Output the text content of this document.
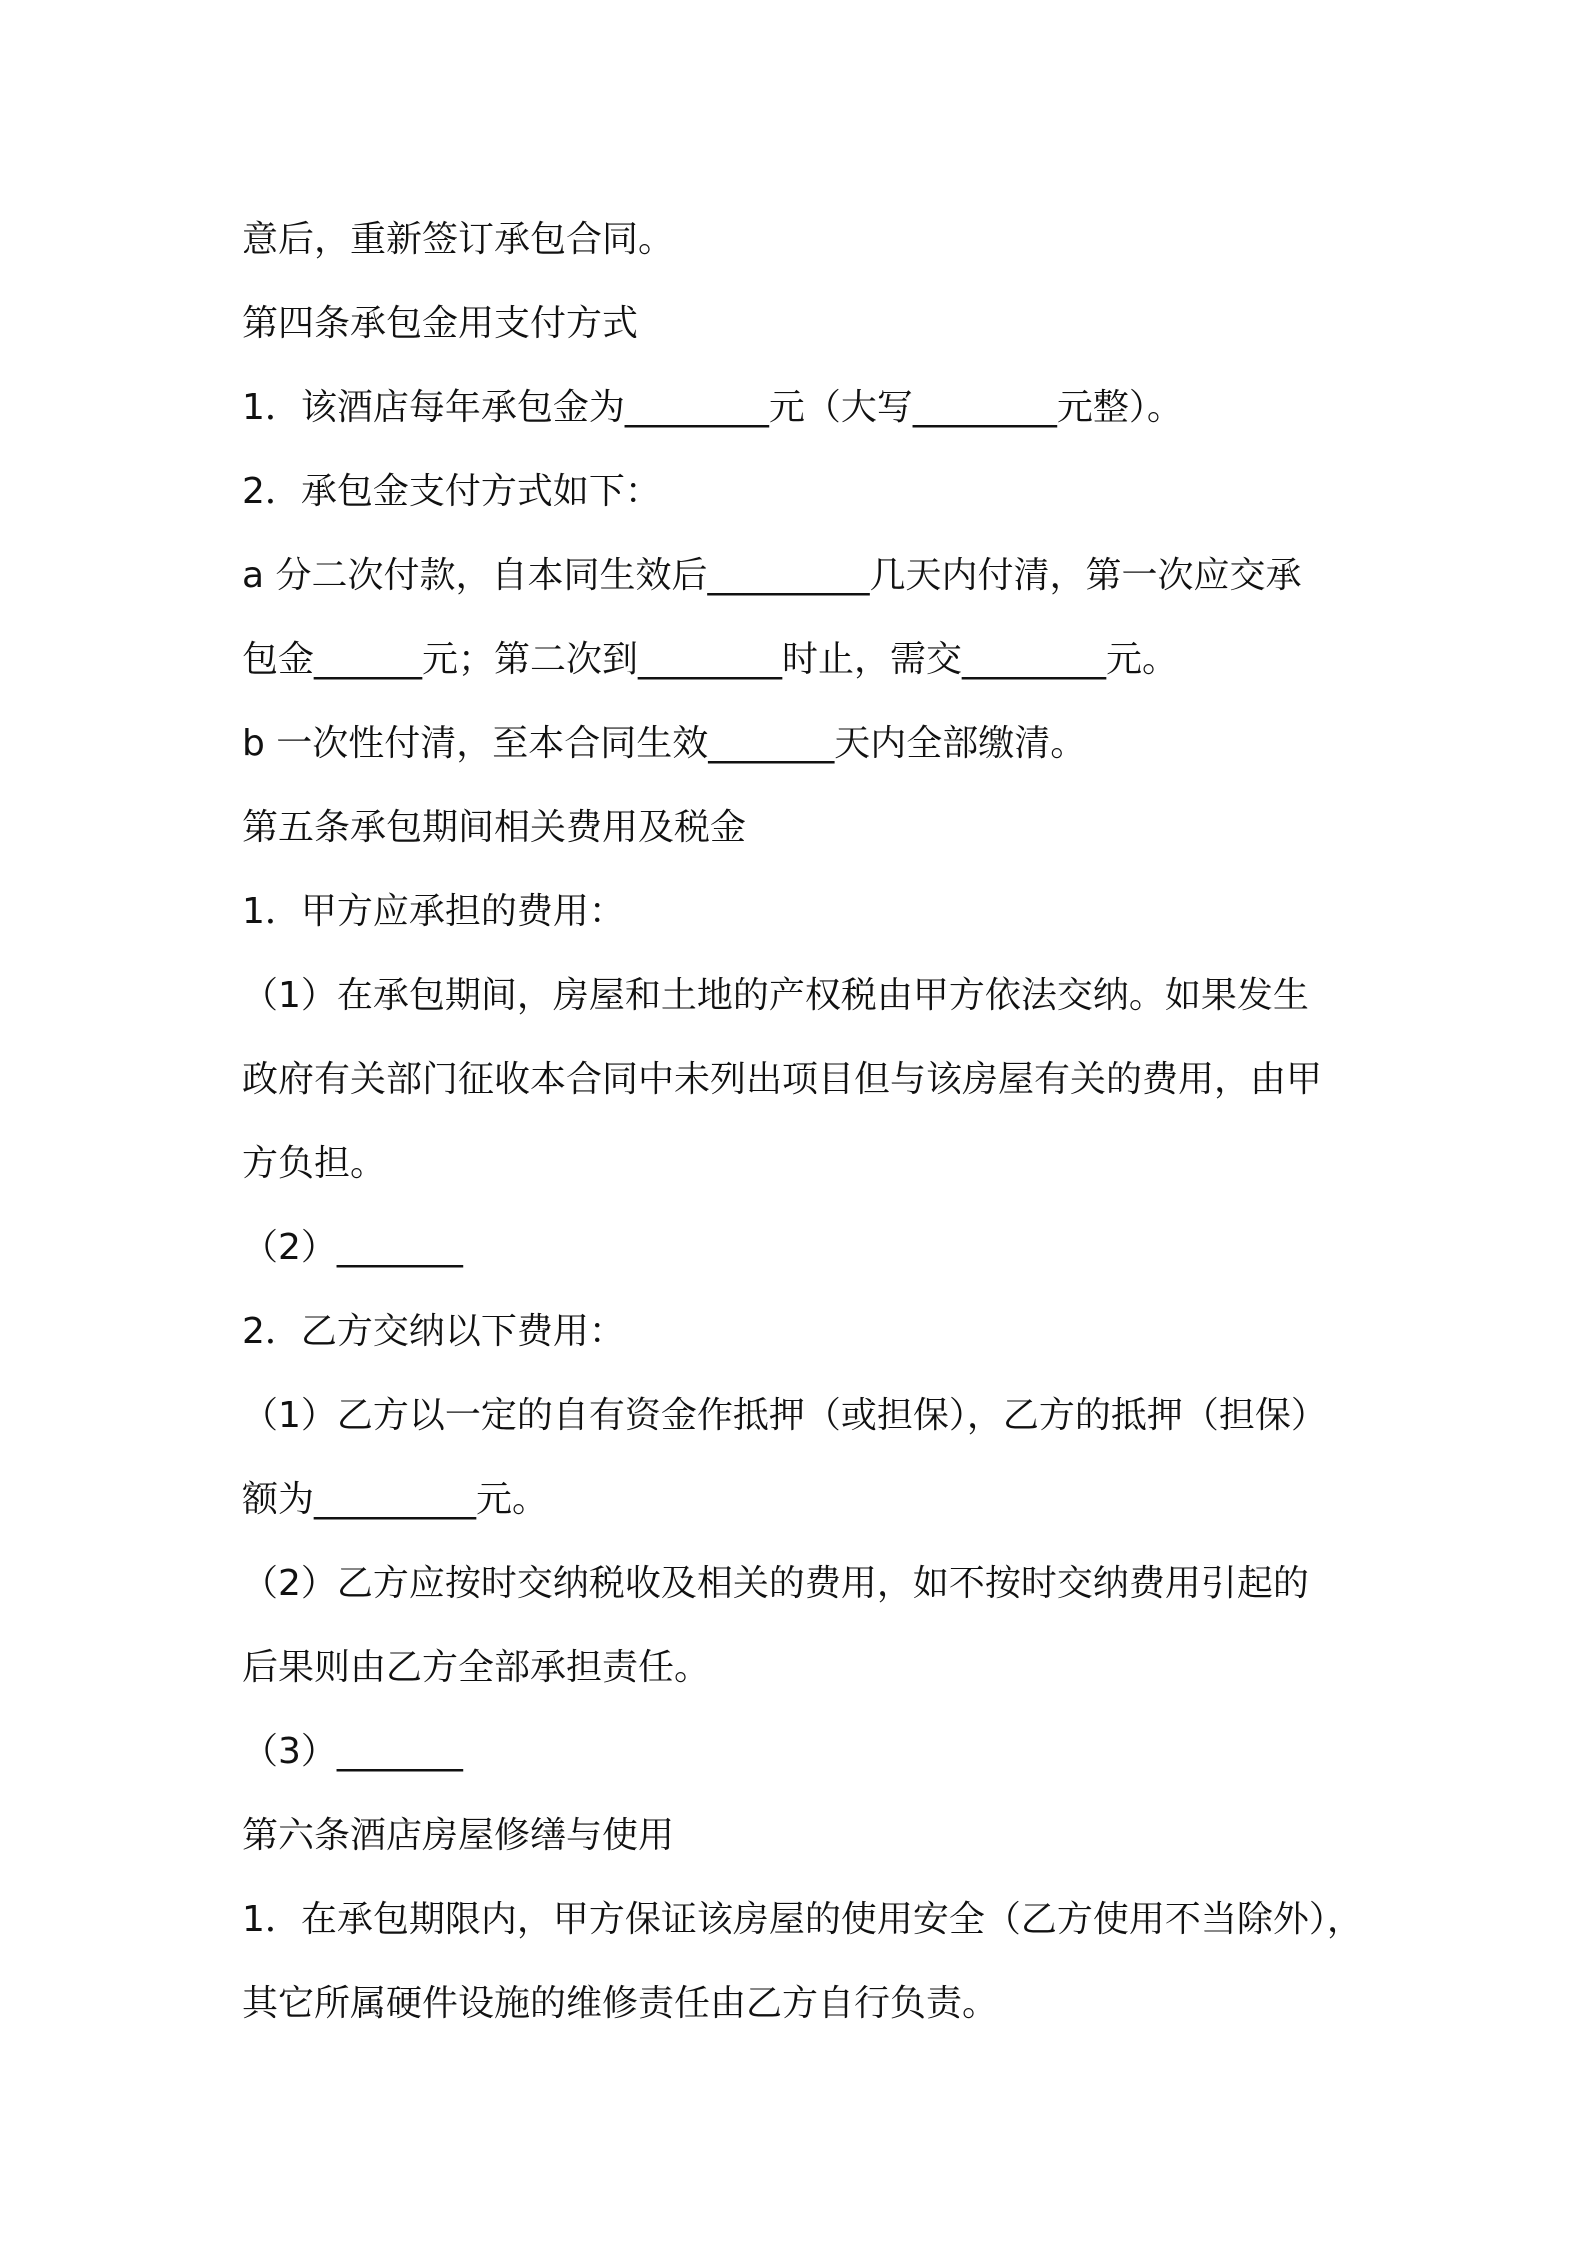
意后，重新签订承包合同。

第四条承包金用支付方式

1．该酒店每年承包金为________元（大写________元整）。

2．承包金支付方式如下：

a 分二次付款，自本同生效后_________几天内付清，第一次应交承

包金______元；第二次到________时止，需交________元。

b 一次性付清，至本合同生效_______天内全部缴清。

第五条承包期间相关费用及税金

1．甲方应承担的费用：

（1）在承包期间，房屋和土地的产权税由甲方依法交纳。如果发生

政府有关部门征收本合同中未列出项目但与该房屋有关的费用，由甲

方负担。

（2）_______

2．乙方交纳以下费用：

（1）乙方以一定的自有资金作抵押（或担保），乙方的抵押（担保）

额为_________元。

（2）乙方应按时交纳税收及相关的费用，如不按时交纳费用引起的

后果则由乙方全部承担责任。

（3）_______

第六条酒店房屋修缮与使用

1．在承包期限内，甲方保证该房屋的使用安全（乙方使用不当除外），

其它所属硬件设施的维修责任由乙方自行负责。
